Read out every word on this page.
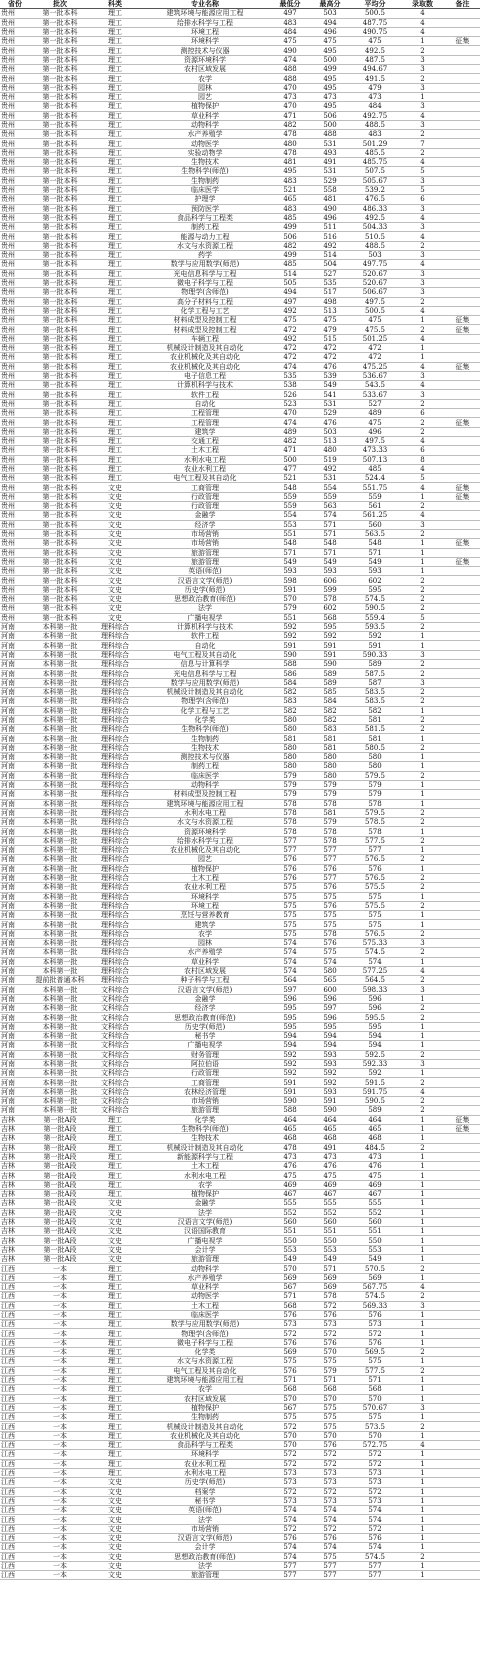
省份	批次	科类	专业名称	最低分	最高分	平均分	录取数	备注
贵州	第一批本科	理工	建筑环境与能源应用工程	497	503	500.5	4	
贵州	第一批本科	理工	给排水科学与工程	483	494	487.75	4	
贵州	第一批本科	理工	环境工程	484	496	490.75	4	
贵州	第一批本科	理工	环境科学	475	475	475	1	征集
贵州	第一批本科	理工	测控技术与仪器	490	495	492.5	2	
贵州	第一批本科	理工	资源环境科学	474	500	487.5	3	
贵州	第一批本科	理工	农村区域发展	488	499	494.67	3	
贵州	第一批本科	理工	农学	488	495	491.5	2	
贵州	第一批本科	理工	园林	470	495	479	3	
贵州	第一批本科	理工	园艺	473	473	473	1	
贵州	第一批本科	理工	植物保护	470	495	484	3	
贵州	第一批本科	理工	草业科学	471	506	492.75	4	
贵州	第一批本科	理工	动物科学	482	500	488.5	3	
贵州	第一批本科	理工	水产养殖学	478	488	483	2	
贵州	第一批本科	理工	动物医学	480	531	501.29	7	
贵州	第一批本科	理工	实验动物学	478	493	485.5	2	
贵州	第一批本科	理工	生物技术	481	491	485.75	4	
贵州	第一批本科	理工	生物科学(师范)	495	531	507.5	5	
贵州	第一批本科	理工	生物制药	483	529	505.67	3	
贵州	第一批本科	理工	临床医学	521	558	539.2	5	
贵州	第一批本科	理工	护理学	465	481	476.5	6	
贵州	第一批本科	理工	预防医学	483	490	486.33	3	
贵州	第一批本科	理工	食品科学与工程类	485	496	492.5	4	
贵州	第一批本科	理工	制药工程	499	511	504.33	3	
贵州	第一批本科	理工	能源与动力工程	506	516	510.5	4	
贵州	第一批本科	理工	水文与水资源工程	482	492	488.5	2	
贵州	第一批本科	理工	药学	499	514	503	3	
贵州	第一批本科	理工	数学与应用数学(师范)	485	504	497.75	4	
贵州	第一批本科	理工	光电信息科学与工程	514	527	520.67	3	
贵州	第一批本科	理工	微电子科学与工程	505	535	520.67	3	
贵州	第一批本科	理工	物理学(含师范)	494	517	506.67	3	
贵州	第一批本科	理工	高分子材料与工程	497	498	497.5	2	
贵州	第一批本科	理工	化学工程与工艺	492	513	500.5	4	
贵州	第一批本科	理工	材料成型及控制工程	475	475	475	1	征集
贵州	第一批本科	理工	材料成型及控制工程	472	479	475.5	2	征集
贵州	第一批本科	理工	车辆工程	492	515	501.25	4	
贵州	第一批本科	理工	机械设计制造及其自动化	472	472	472	1	
贵州	第一批本科	理工	农业机械化及其自动化	472	472	472	1	
贵州	第一批本科	理工	农业机械化及其自动化	474	476	475.25	4	征集
贵州	第一批本科	理工	电子信息工程	535	539	536.67	3	
贵州	第一批本科	理工	计算机科学与技术	538	549	543.5	4	
贵州	第一批本科	理工	软件工程	526	541	533.67	3	
贵州	第一批本科	理工	自动化	523	531	527	2	
贵州	第一批本科	理工	工程管理	470	529	489	6	
贵州	第一批本科	理工	工程管理	474	476	475	2	征集
贵州	第一批本科	理工	建筑学	489	503	496	2	
贵州	第一批本科	理工	交通工程	482	513	497.5	4	
贵州	第一批本科	理工	土木工程	471	480	473.33	6	
贵州	第一批本科	理工	水利水电工程	500	519	507.13	8	
贵州	第一批本科	理工	农业水利工程	477	492	485	4	
贵州	第一批本科	理工	电气工程及其自动化	521	531	524.4	5	
贵州	第一批本科	文史	工商管理	548	554	551.75	4	征集
贵州	第一批本科	文史	行政管理	559	559	559	1	征集
贵州	第一批本科	文史	行政管理	559	563	561	2	
贵州	第一批本科	文史	金融学	554	574	561.25	4	
贵州	第一批本科	文史	经济学	553	571	560	3	
贵州	第一批本科	文史	市场营销	551	571	563.5	2	
贵州	第一批本科	文史	市场营销	548	548	548	1	征集
贵州	第一批本科	文史	旅游管理	571	571	571	1	
贵州	第一批本科	文史	旅游管理	549	549	549	1	征集
贵州	第一批本科	文史	英语(师范)	593	593	593	1	
贵州	第一批本科	文史	汉语言文学(师范)	598	606	602	2	
贵州	第一批本科	文史	历史学(师范)	591	599	595	2	
贵州	第一批本科	文史	思想政治教育(师范)	570	578	574.5	2	
贵州	第一批本科	文史	法学	579	602	590.5	2	
贵州	第一批本科	文史	广播电视学	551	568	559.4	5	
河南	本科第一批	理科综合	计算机科学与技术	592	595	593.5	2	
河南	本科第一批	理科综合	软件工程	592	592	592	1	
河南	本科第一批	理科综合	自动化	591	591	591	1	
河南	本科第一批	理科综合	电气工程及其自动化	590	591	590.33	3	
河南	本科第一批	理科综合	信息与计算科学	588	590	589	2	
河南	本科第一批	理科综合	光电信息科学与工程	586	589	587.5	2	
河南	本科第一批	理科综合	数学与应用数学(师范)	584	589	587	3	
河南	本科第一批	理科综合	机械设计制造及其自动化	582	585	583.5	2	
河南	本科第一批	理科综合	物理学(含师范)	583	584	583.5	2	
河南	本科第一批	理科综合	化学工程与工艺	582	582	582	1	
河南	本科第一批	理科综合	化学类	580	582	581	2	
河南	本科第一批	理科综合	生物科学(师范)	580	583	581.5	2	
河南	本科第一批	理科综合	生物制药	581	581	581	1	
河南	本科第一批	理科综合	生物技术	580	581	580.5	2	
河南	本科第一批	理科综合	测控技术与仪器	580	580	580	1	
河南	本科第一批	理科综合	制药工程	580	580	580	1	
河南	本科第一批	理科综合	临床医学	579	580	579.5	2	
河南	本科第一批	理科综合	动物科学	579	579	579	1	
河南	本科第一批	理科综合	材料成型及控制工程	579	579	579	1	
河南	本科第一批	理科综合	建筑环境与能源应用工程	578	578	578	1	
河南	本科第一批	理科综合	水利水电工程	578	581	579.5	2	
河南	本科第一批	理科综合	水文与水资源工程	578	579	578.5	2	
河南	本科第一批	理科综合	资源环境科学	578	578	578	1	
河南	本科第一批	理科综合	给排水科学与工程	577	578	577.5	2	
河南	本科第一批	理科综合	农业机械化及其自动化	577	577	577	1	
河南	本科第一批	理科综合	园艺	576	577	576.5	2	
河南	本科第一批	理科综合	植物保护	576	576	576	1	
河南	本科第一批	理科综合	土木工程	576	577	576.5	2	
河南	本科第一批	理科综合	农业水利工程	575	576	575.5	2	
河南	本科第一批	理科综合	环境科学	575	575	575	1	
河南	本科第一批	理科综合	环境工程	575	576	575.5	2	
河南	本科第一批	理科综合	烹饪与营养教育	575	575	575	1	
河南	本科第一批	理科综合	建筑学	575	575	575	1	
河南	本科第一批	理科综合	农学	575	578	576.5	2	
河南	本科第一批	理科综合	园林	574	576	575.33	3	
河南	本科第一批	理科综合	水产养殖学	574	575	574.5	2	
河南	本科第一批	理科综合	草业科学	574	574	574	1	
河南	本科第一批	理科综合	农村区域发展	574	580	577.25	4	
河南	提前批普通本科	理科综合	种子科学与工程	564	565	564.5	2	
河南	本科第一批	文科综合	汉语言文学(师范)	597	600	598.33	3	
河南	本科第一批	文科综合	金融学	596	596	596	1	
河南	本科第一批	文科综合	经济学	595	597	596	2	
河南	本科第一批	文科综合	思想政治教育(师范)	595	596	595.5	2	
河南	本科第一批	文科综合	历史学(师范)	595	595	595	1	
河南	本科第一批	文科综合	秘书学	594	594	594	1	
河南	本科第一批	文科综合	广播电视学	594	594	594	1	
河南	本科第一批	文科综合	财务管理	592	593	592.5	2	
河南	本科第一批	文科综合	阿拉伯语	592	593	592.33	3	
河南	本科第一批	文科综合	行政管理	592	592	592	1	
河南	本科第一批	文科综合	工商管理	591	592	591.5	2	
河南	本科第一批	文科综合	农林经济管理	591	593	591.75	4	
河南	本科第一批	文科综合	市场营销	590	591	590.5	2	
河南	本科第一批	文科综合	旅游管理	588	590	589	2	
吉林	第一批A段	理工	化学类	464	464	464	1	征集
吉林	第一批A段	理工	生物科学(师范)	465	465	465	1	征集
吉林	第一批A段	理工	生物技术	468	468	468	1	
吉林	第一批A段	理工	机械设计制造及其自动化	478	491	484.5	2	
吉林	第一批A段	理工	新能源科学与工程	473	473	473	1	
吉林	第一批A段	理工	土木工程	476	476	476	1	
吉林	第一批A段	理工	水利水电工程	475	475	475	1	
吉林	第一批A段	理工	农学	469	469	469	1	
吉林	第一批A段	理工	植物保护	467	467	467	1	
吉林	第一批A段	文史	金融学	555	555	555	1	
吉林	第一批A段	文史	法学	552	552	552	1	
吉林	第一批A段	文史	汉语言文学(师范)	560	560	560	1	
吉林	第一批A段	文史	汉语国际教育	551	551	551	1	
吉林	第一批A段	文史	广播电视学	550	550	550	1	
吉林	第一批A段	文史	会计学	553	553	553	1	
吉林	第一批A段	文史	旅游管理	549	549	549	1	
江西	一本	理工	动物科学	570	571	570.5	2	
江西	一本	理工	水产养殖学	569	569	569	1	
江西	一本	理工	草业科学	567	569	567.75	4	
江西	一本	理工	动物医学	571	578	574.5	2	
江西	一本	理工	土木工程	568	572	569.33	3	
江西	一本	理工	临床医学	576	576	576	1	
江西	一本	理工	数学与应用数学(师范)	573	573	573	1	
江西	一本	理工	物理学(含师范)	572	572	572	1	
江西	一本	理工	微电子科学与工程	576	576	576	1	
江西	一本	理工	化学类	569	570	569.5	2	
江西	一本	理工	水文与水资源工程	575	575	575	1	
江西	一本	理工	电气工程及其自动化	576	579	577.5	2	
江西	一本	理工	建筑环境与能源应用工程	571	571	571	1	
江西	一本	理工	农学	568	568	568	1	
江西	一本	理工	农村区域发展	570	570	570	1	
江西	一本	理工	植物保护	567	575	570.67	3	
江西	一本	理工	生物制药	575	575	575	1	
江西	一本	理工	机械设计制造及其自动化	572	575	573.5	2	
江西	一本	理工	农业机械化及其自动化	570	570	570	1	
江西	一本	理工	食品科学与工程类	570	576	572.75	4	
江西	一本	理工	环境科学	572	572	572	1	
江西	一本	理工	农业水利工程	572	572	572	1	
江西	一本	理工	水利水电工程	573	573	573	1	
江西	一本	文史	历史学(师范)	573	573	573	1	
江西	一本	文史	档案学	572	572	572	1	
江西	一本	文史	秘书学	573	573	573	1	
江西	一本	文史	英语(师范)	574	574	574	1	
江西	一本	文史	法学	574	574	574	1	
江西	一本	文史	市场营销	572	572	572	1	
江西	一本	文史	汉语言文学(师范)	576	576	576	1	
江西	一本	文史	会计学	574	574	574	1	
江西	一本	文史	思想政治教育(师范)	574	575	574.5	2	
江西	一本	文史	法学	577	577	577	1	
江西	一本	文史	旅游管理	577	577	577	1	
